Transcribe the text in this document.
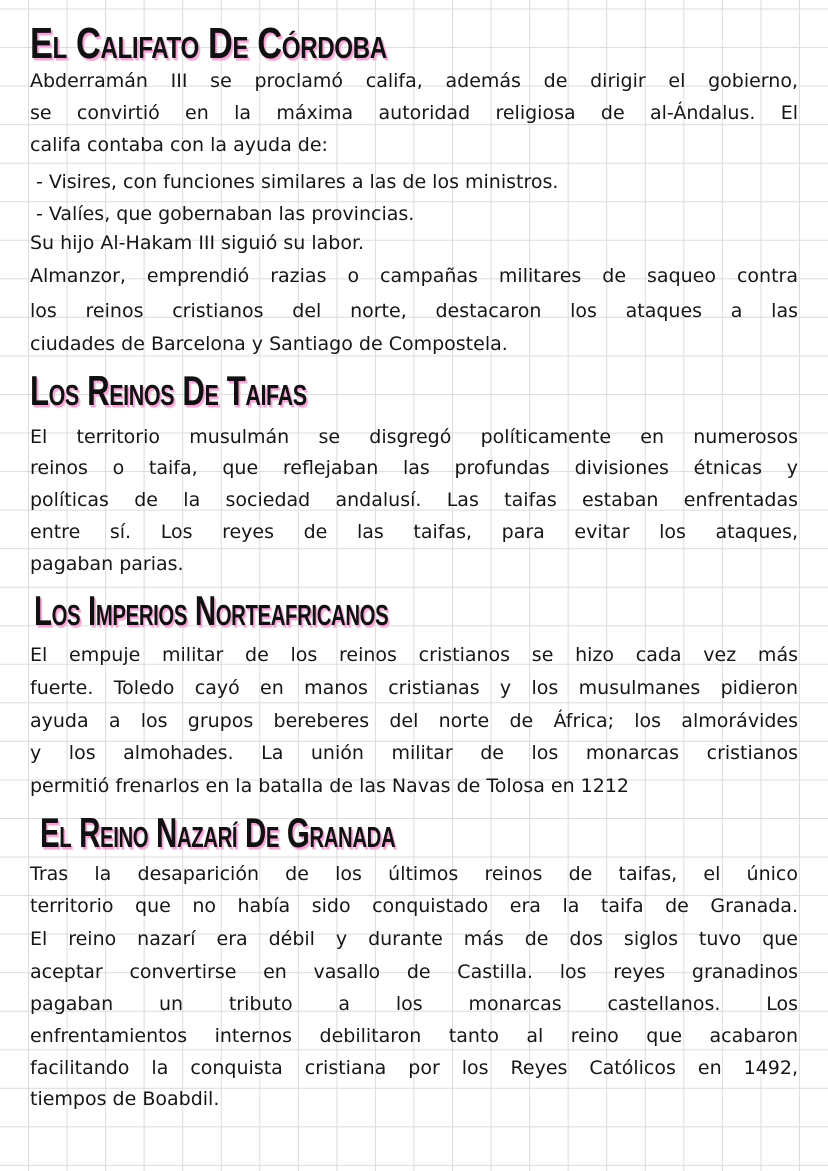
El Califato De Córdoba
Abderramán III se proclamó califa, además de dirigir el gobierno,
se convirtió en la máxima autoridad religiosa de al-Ándalus. El
califa contaba con la ayuda de:
- Visires, con funciones similares a las de los ministros.
- Valíes, que gobernaban las provincias.
Su hijo Al-Hakam III siguió su labor.
Almanzor, emprendió razias o campañas militares de saqueo contra
los reinos cristianos del norte, destacaron los ataques a las
ciudades de Barcelona y Santiago de Compostela.
Los Reinos De Taifas
El territorio musulmán se disgregó políticamente en numerosos
reinos o taifa, que reflejaban las profundas divisiones étnicas y
políticas de la sociedad andalusí. Las taifas estaban enfrentadas
entre sí. Los reyes de las taifas, para evitar los ataques,
pagaban parias.
Los Imperios Norteafricanos
El empuje militar de los reinos cristianos se hizo cada vez más
fuerte. Toledo cayó en manos cristianas y los musulmanes pidieron
ayuda a los grupos bereberes del norte de África; los almorávides
y los almohades. La unión militar de los monarcas cristianos
permitió frenarlos en la batalla de las Navas de Tolosa en 1212
El Reino Nazarí De Granada
Tras la desaparición de los últimos reinos de taifas, el único
territorio que no había sido conquistado era la taifa de Granada.
El reino nazarí era débil y durante más de dos siglos tuvo que
aceptar convertirse en vasallo de Castilla. los reyes granadinos
pagaban un tributo a los monarcas castellanos. Los
enfrentamientos internos debilitaron tanto al reino que acabaron
facilitando la conquista cristiana por los Reyes Católicos en 1492,
tiempos de Boabdil.
